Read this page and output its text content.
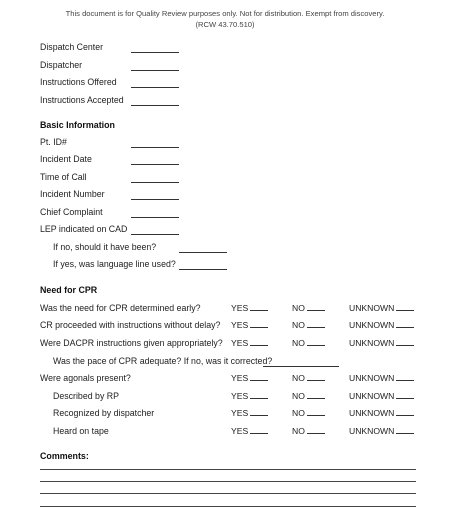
This document is for Quality Review purposes only. Not for distribution. Exempt from discovery.
(RCW 43.70.510)
Dispatch Center
Dispatcher
Instructions Offered
Instructions Accepted
Basic Information
Pt. ID#
Incident Date
Time of Call
Incident Number
Chief Complaint
LEP indicated on CAD
If no, should it have been?
If yes, was language line used?
Need for CPR
Was the need for CPR determined early?	YES	NO	UNKNOWN
CR proceeded with instructions without delay? YES	NO	UNKNOWN
Were DACPR instructions given appropriately? YES	NO	UNKNOWN
Was the pace of CPR adequate? If no, was it corrected?
Were agonals present?	YES	NO	UNKNOWN
Described by RP	YES	NO	UNKNOWN
Recognized by dispatcher	YES	NO	UNKNOWN
Heard on tape	YES	NO	UNKNOWN
Comments:
